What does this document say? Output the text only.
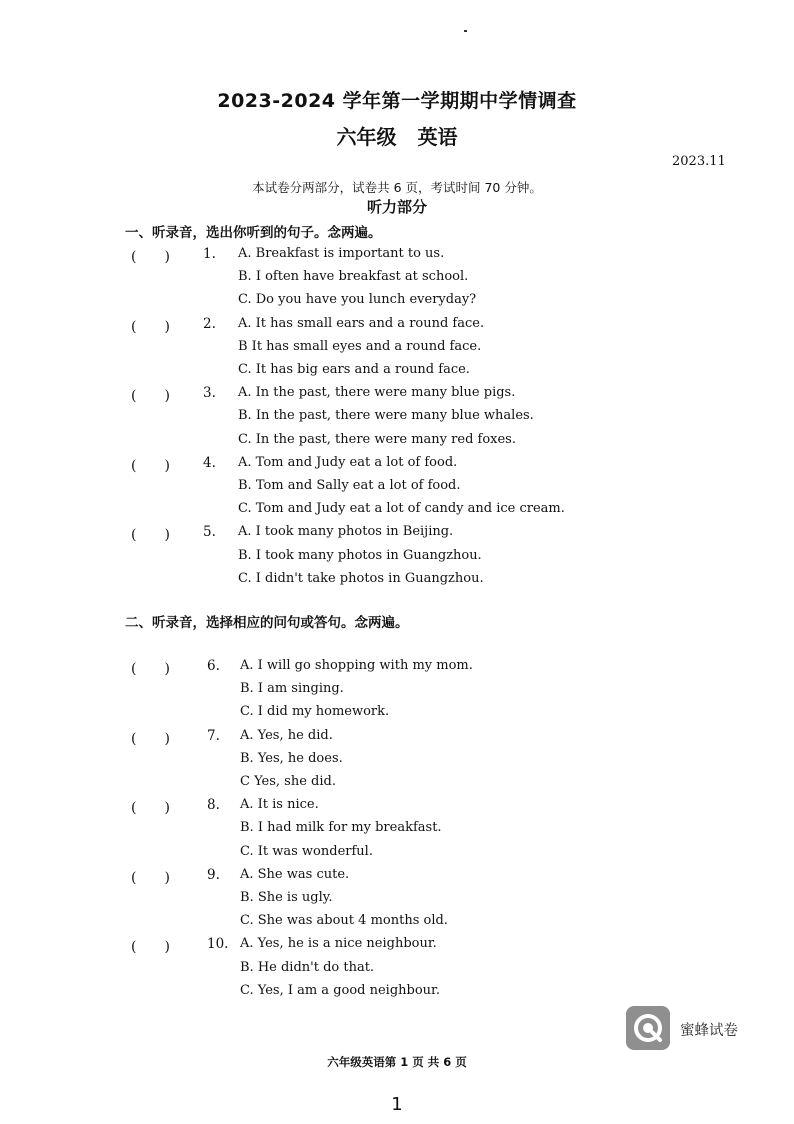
2023-2024 学年第一学期期中学情调查
六年级 英语
2023.11
本试卷分两部分，试卷共 6 页，考试时间 70 分钟。
听力部分
一、听录音，选出你听到的句子。念两遍。
(　　) 1. A. Breakfast is important to us.
B. I often have breakfast at school.
C. Do you have you lunch everyday?
(　　) 2. A. It has small ears and a round face.
B It has small eyes and a round face.
C. It has big ears and a round face.
(　　) 3. A. In the past, there were many blue pigs.
B. In the past, there were many blue whales.
C. In the past, there were many red foxes.
(　　) 4. A. Tom and Judy eat a lot of food.
B. Tom and Sally eat a lot of food.
C. Tom and Judy eat a lot of candy and ice cream.
(　　) 5. A. I took many photos in Beijing.
B. I took many photos in Guangzhou.
C. I didn't take photos in Guangzhou.
二、听录音，选择相应的问句或答句。念两遍。
(　　)	6. A. I will go shopping with my mom.
B. I am singing.
C. I did my homework.
(　　)	7. A. Yes, he did.
B. Yes, he does.
C Yes, she did.
(　　)	8. A. It is nice.
B. I had milk for my breakfast.
C. It was wonderful.
(　　)	9. A. She was cute.
B. She is ugly.
C. She was about 4 months old.
(　　)	10. A. Yes, he is a nice neighbour.
B. He didn't do that.
C. Yes, I am a good neighbour.
蜜蜂试卷
六年级英语第 1 页 共 6 页
1
